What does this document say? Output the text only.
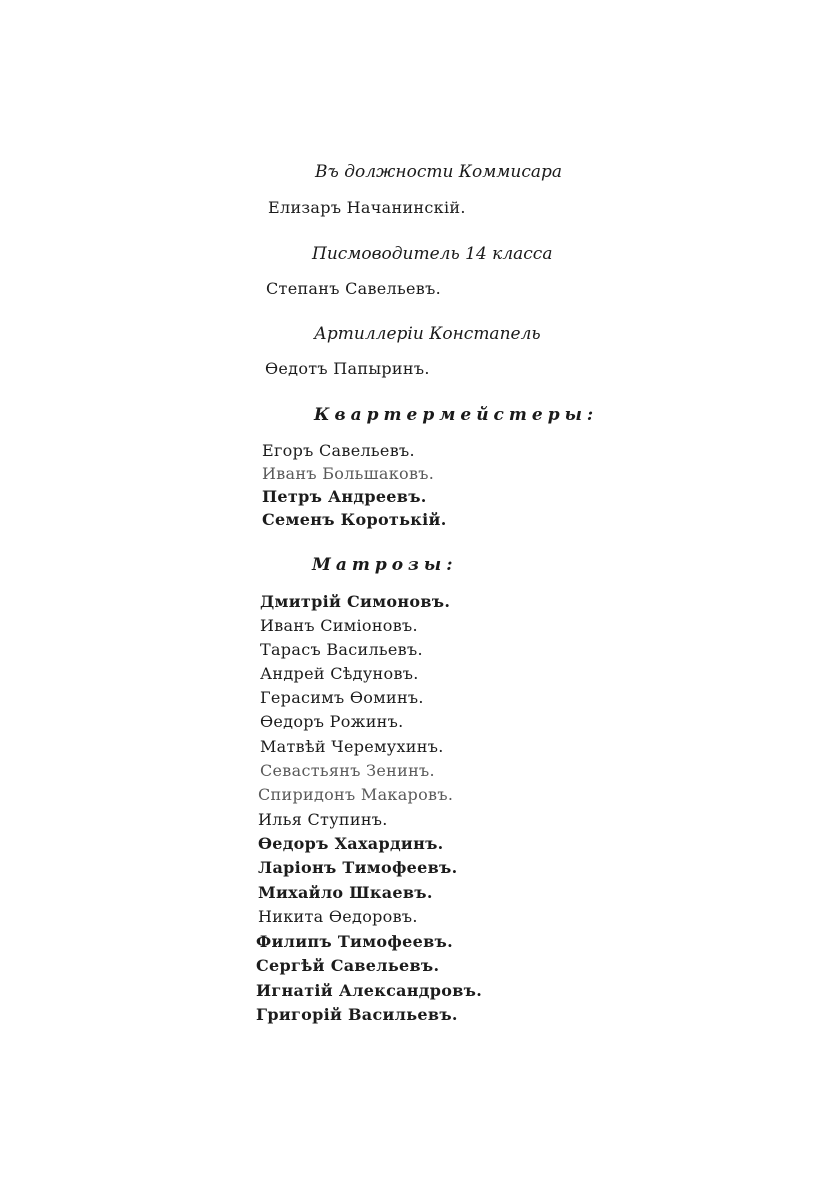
Въ должности Коммисара
Елизаръ Начанинскій.
Писмоводитель 14 класса
Степанъ Савельевъ.
Артиллеріи Констапель
Ѳедотъ Папыринъ.
Квартермейстеры:
Егоръ Савельевъ.
Иванъ Большаковъ.
Петръ Андреевъ.
Семенъ Коротькій.
Матрозы:
Дмитрій Симоновъ.
Иванъ Симіоновъ.
Тарасъ Васильевъ.
Андрей Сѣдуновъ.
Герасимъ Ѳоминъ.
Ѳедоръ Рожинъ.
Матвѣй Черемухинъ.
Севастьянъ Зенинъ.
Спиридонъ Макаровъ.
Илья Ступинъ.
Ѳедоръ Хахардинъ.
Ларіонъ Тимофеевъ.
Михайло Шкаевъ.
Никита Ѳедоровъ.
Филипъ Тимофеевъ.
Сергѣй Савельевъ.
Игнатій Александровъ.
Григорій Васильевъ.
